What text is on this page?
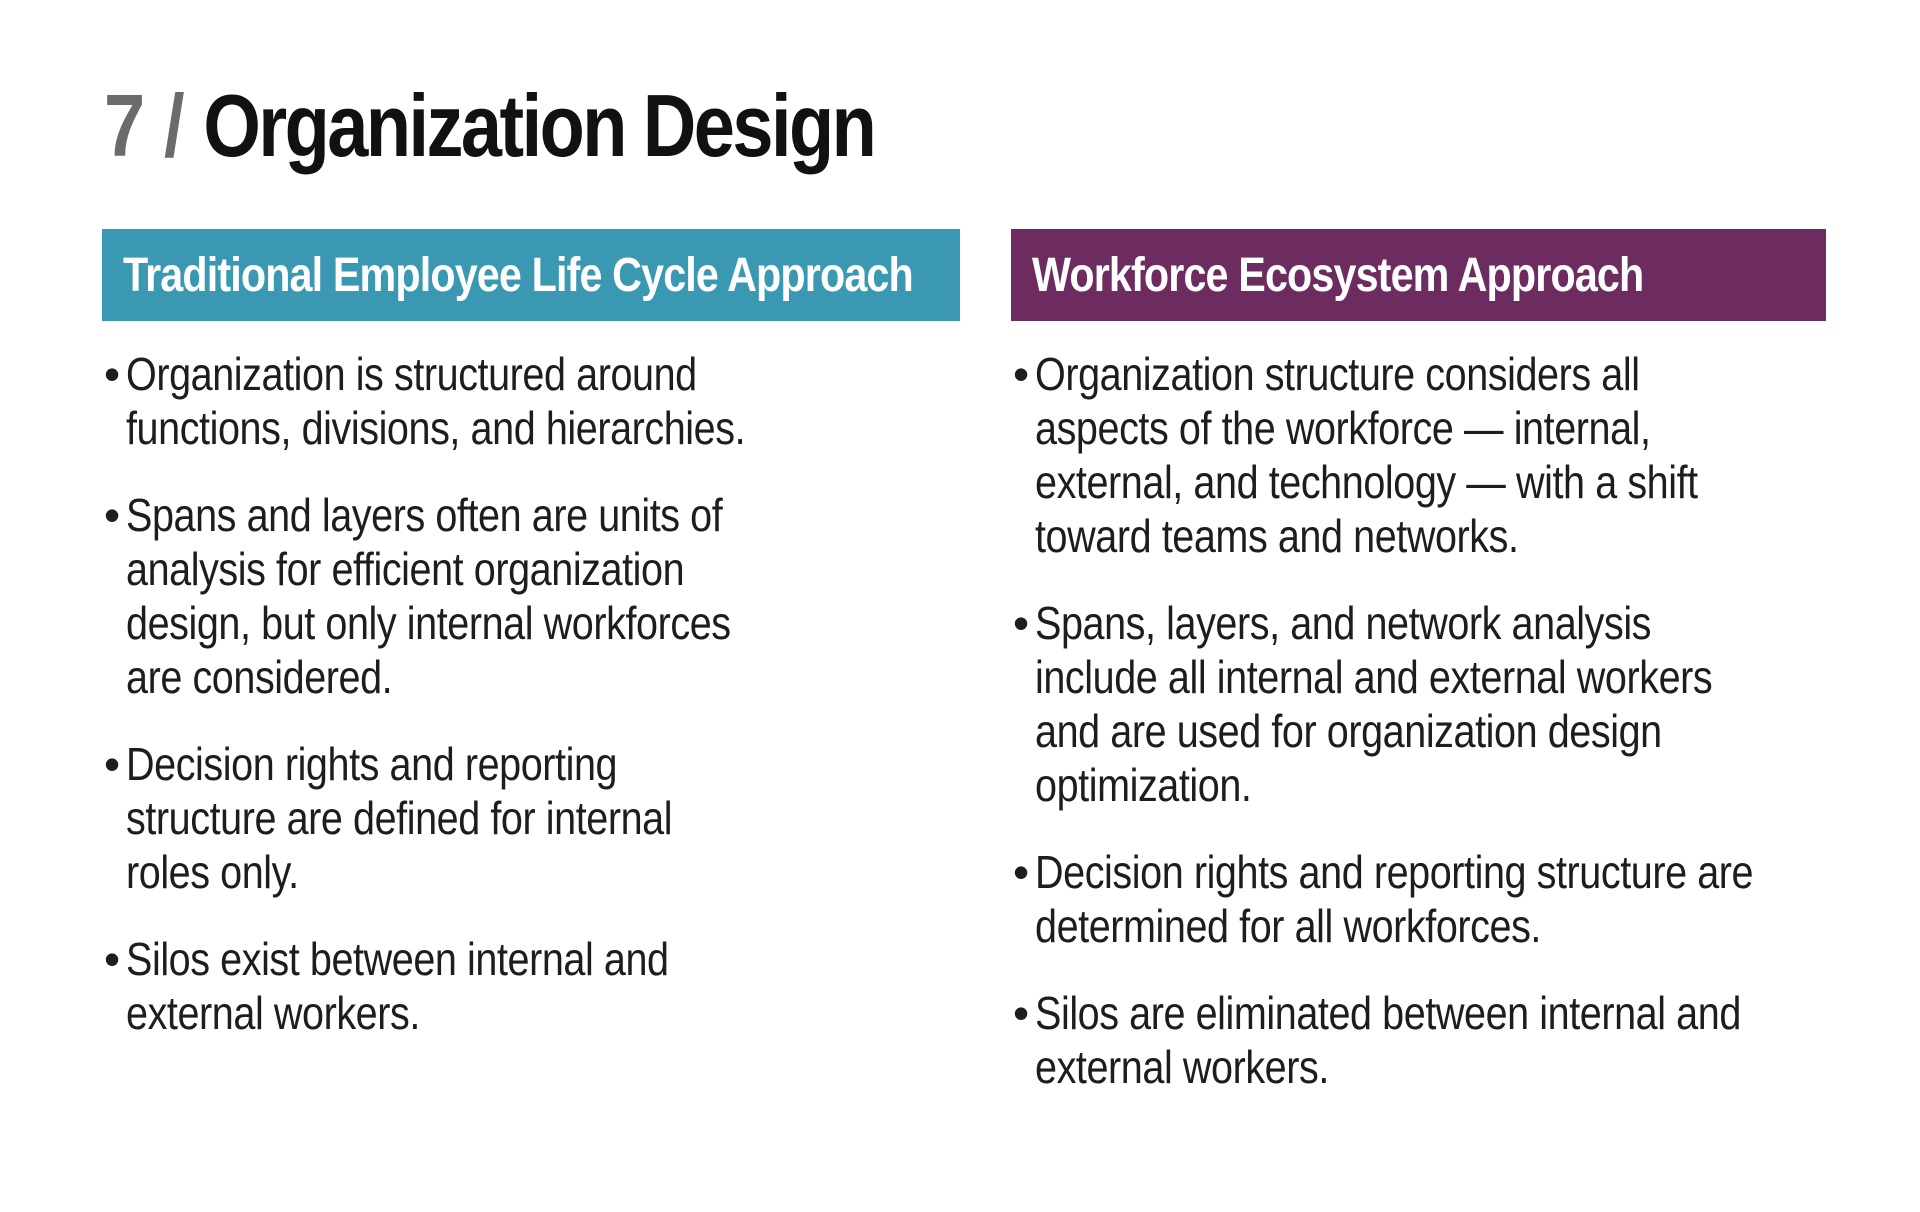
7 / Organization Design
Traditional Employee Life Cycle Approach
• Organization is structured around functions, divisions, and hierarchies.
• Spans and layers often are units of analysis for efficient organization design, but only internal workforces are considered.
• Decision rights and reporting structure are defined for internal roles only.
• Silos exist between internal and external workers.
Workforce Ecosystem Approach
• Organization structure considers all aspects of the workforce — internal, external, and technology — with a shift toward teams and networks.
• Spans, layers, and network analysis include all internal and external workers and are used for organization design optimization.
• Decision rights and reporting structure are determined for all workforces.
• Silos are eliminated between internal and external workers.
